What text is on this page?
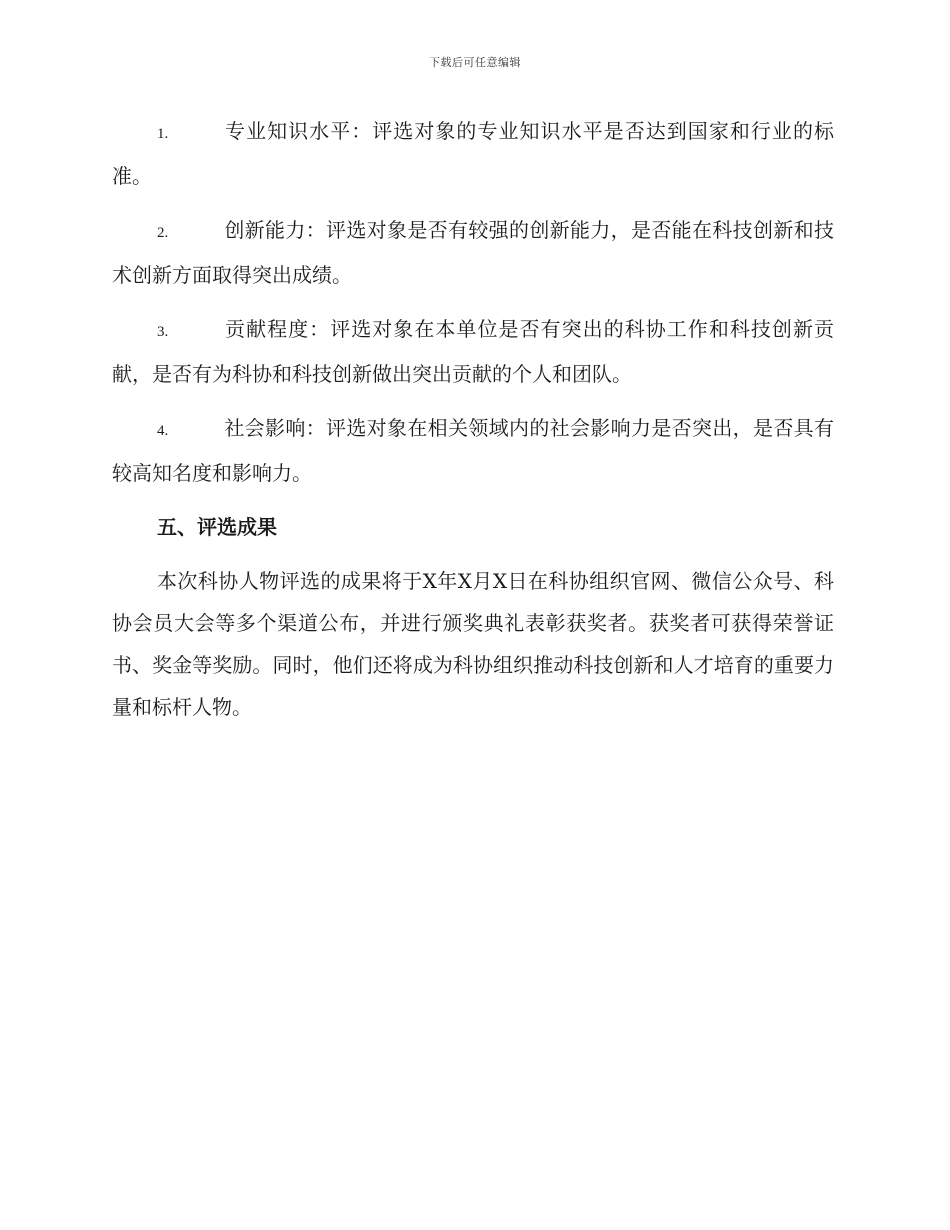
下载后可任意编辑

1.	专业知识水平：评选对象的专业知识水平是否达到国家和行业的标准。

2.	创新能力：评选对象是否有较强的创新能力，是否能在科技创新和技术创新方面取得突出成绩。

3.	贡献程度：评选对象在本单位是否有突出的科协工作和科技创新贡献，是否有为科协和科技创新做出突出贡献的个人和团队。

4.	社会影响：评选对象在相关领域内的社会影响力是否突出，是否具有较高知名度和影响力。

五、评选成果

本次科协人物评选的成果将于X年X月X日在科协组织官网、微信公众号、科协会员大会等多个渠道公布，并进行颁奖典礼表彰获奖者。获奖者可获得荣誉证书、奖金等奖励。同时，他们还将成为科协组织推动科技创新和人才培育的重要力量和标杆人物。
